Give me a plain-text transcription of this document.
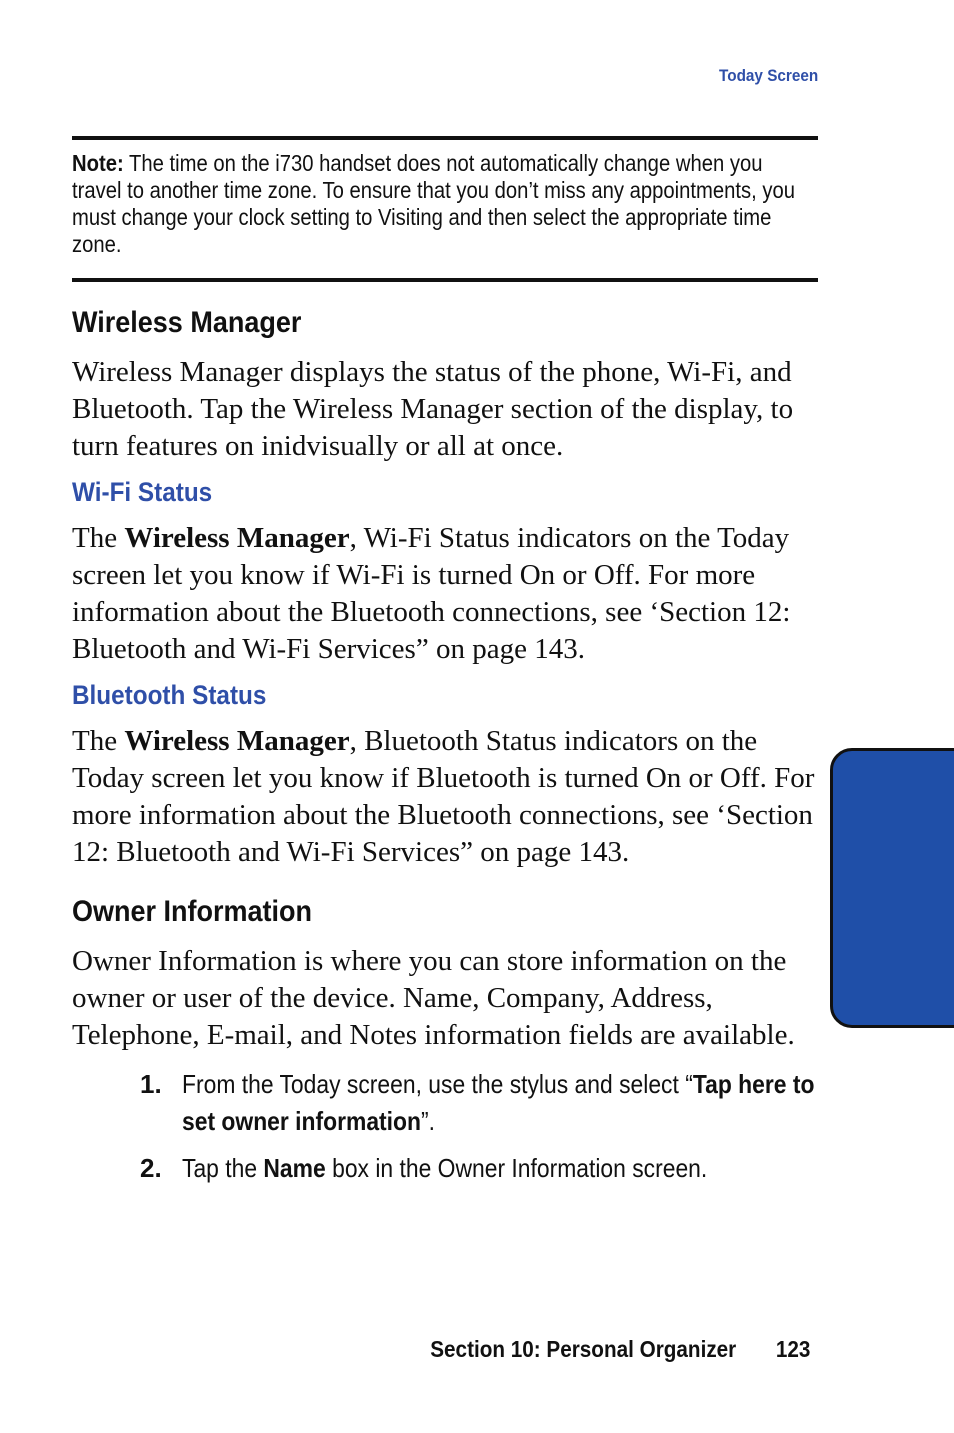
Today Screen
Note: The time on the i730 handset does not automatically change when you travel to another time zone. To ensure that you don’t miss any appointments, you must change your clock setting to Visiting and then select the appropriate time zone.
Wireless Manager

Wireless Manager displays the status of the phone, Wi-Fi, and Bluetooth. Tap the Wireless Manager section of the display, to turn features on inidvisually or all at once.

Wi-Fi Status

The Wireless Manager, Wi-Fi Status indicators on the Today screen let you know if Wi-Fi is turned On or Off. For more information about the Bluetooth connections, see ‘Section 12: Bluetooth and Wi-Fi Services” on page 143.

Bluetooth Status

The Wireless Manager, Bluetooth Status indicators on the Today screen let you know if Bluetooth is turned On or Off. For more information about the Bluetooth connections, see ‘Section 12: Bluetooth and Wi-Fi Services” on page 143.

Owner Information

Owner Information is where you can store information on the owner or user of the device. Name, Company, Address, Telephone, E-mail, and Notes information fields are available.

1. From the Today screen, use the stylus and select “Tap here to set owner information”.
2. Tap the Name box in the Owner Information screen.
Section 10
Section 10: Personal Organizer 123
